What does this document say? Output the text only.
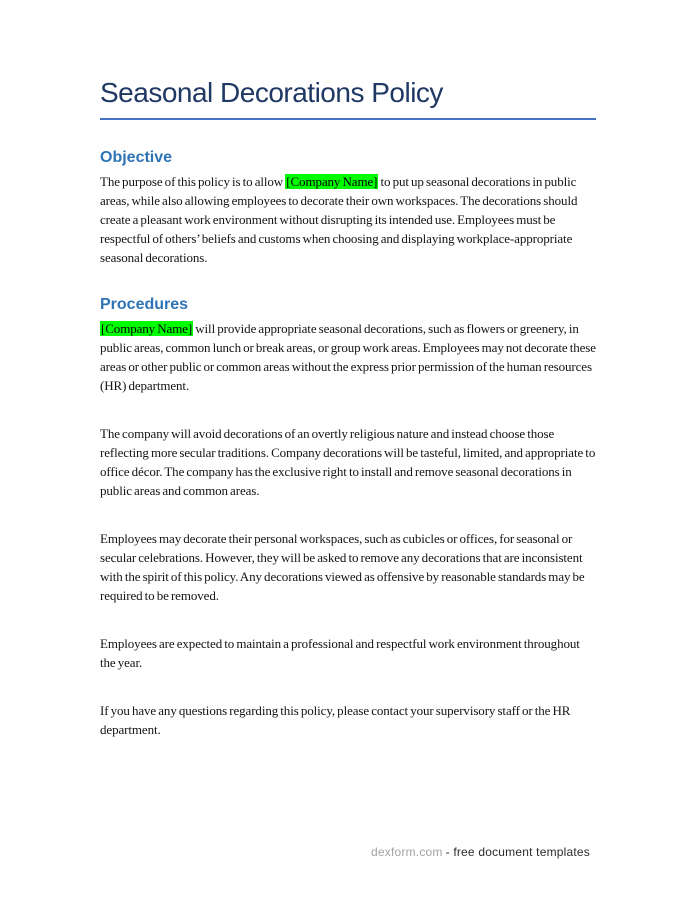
Seasonal Decorations Policy
Objective

The purpose of this policy is to allow [Company Name] to put up seasonal decorations in public areas, while also allowing employees to decorate their own workspaces. The decorations should create a pleasant work environment without disrupting its intended use. Employees must be respectful of others’ beliefs and customs when choosing and displaying workplace-appropriate seasonal decorations.

Procedures

[Company Name] will provide appropriate seasonal decorations, such as flowers or greenery, in public areas, common lunch or break areas, or group work areas. Employees may not decorate these areas or other public or common areas without the express prior permission of the human resources (HR) department.

The company will avoid decorations of an overtly religious nature and instead choose those reflecting more secular traditions. Company decorations will be tasteful, limited, and appropriate to office décor. The company has the exclusive right to install and remove seasonal decorations in public areas and common areas.

Employees may decorate their personal workspaces, such as cubicles or offices, for seasonal or secular celebrations. However, they will be asked to remove any decorations that are inconsistent with the spirit of this policy. Any decorations viewed as offensive by reasonable standards may be required to be removed.

Employees are expected to maintain a professional and respectful work environment throughout the year.

If you have any questions regarding this policy, please contact your supervisory staff or the HR department.

dexform.com - free document templates
